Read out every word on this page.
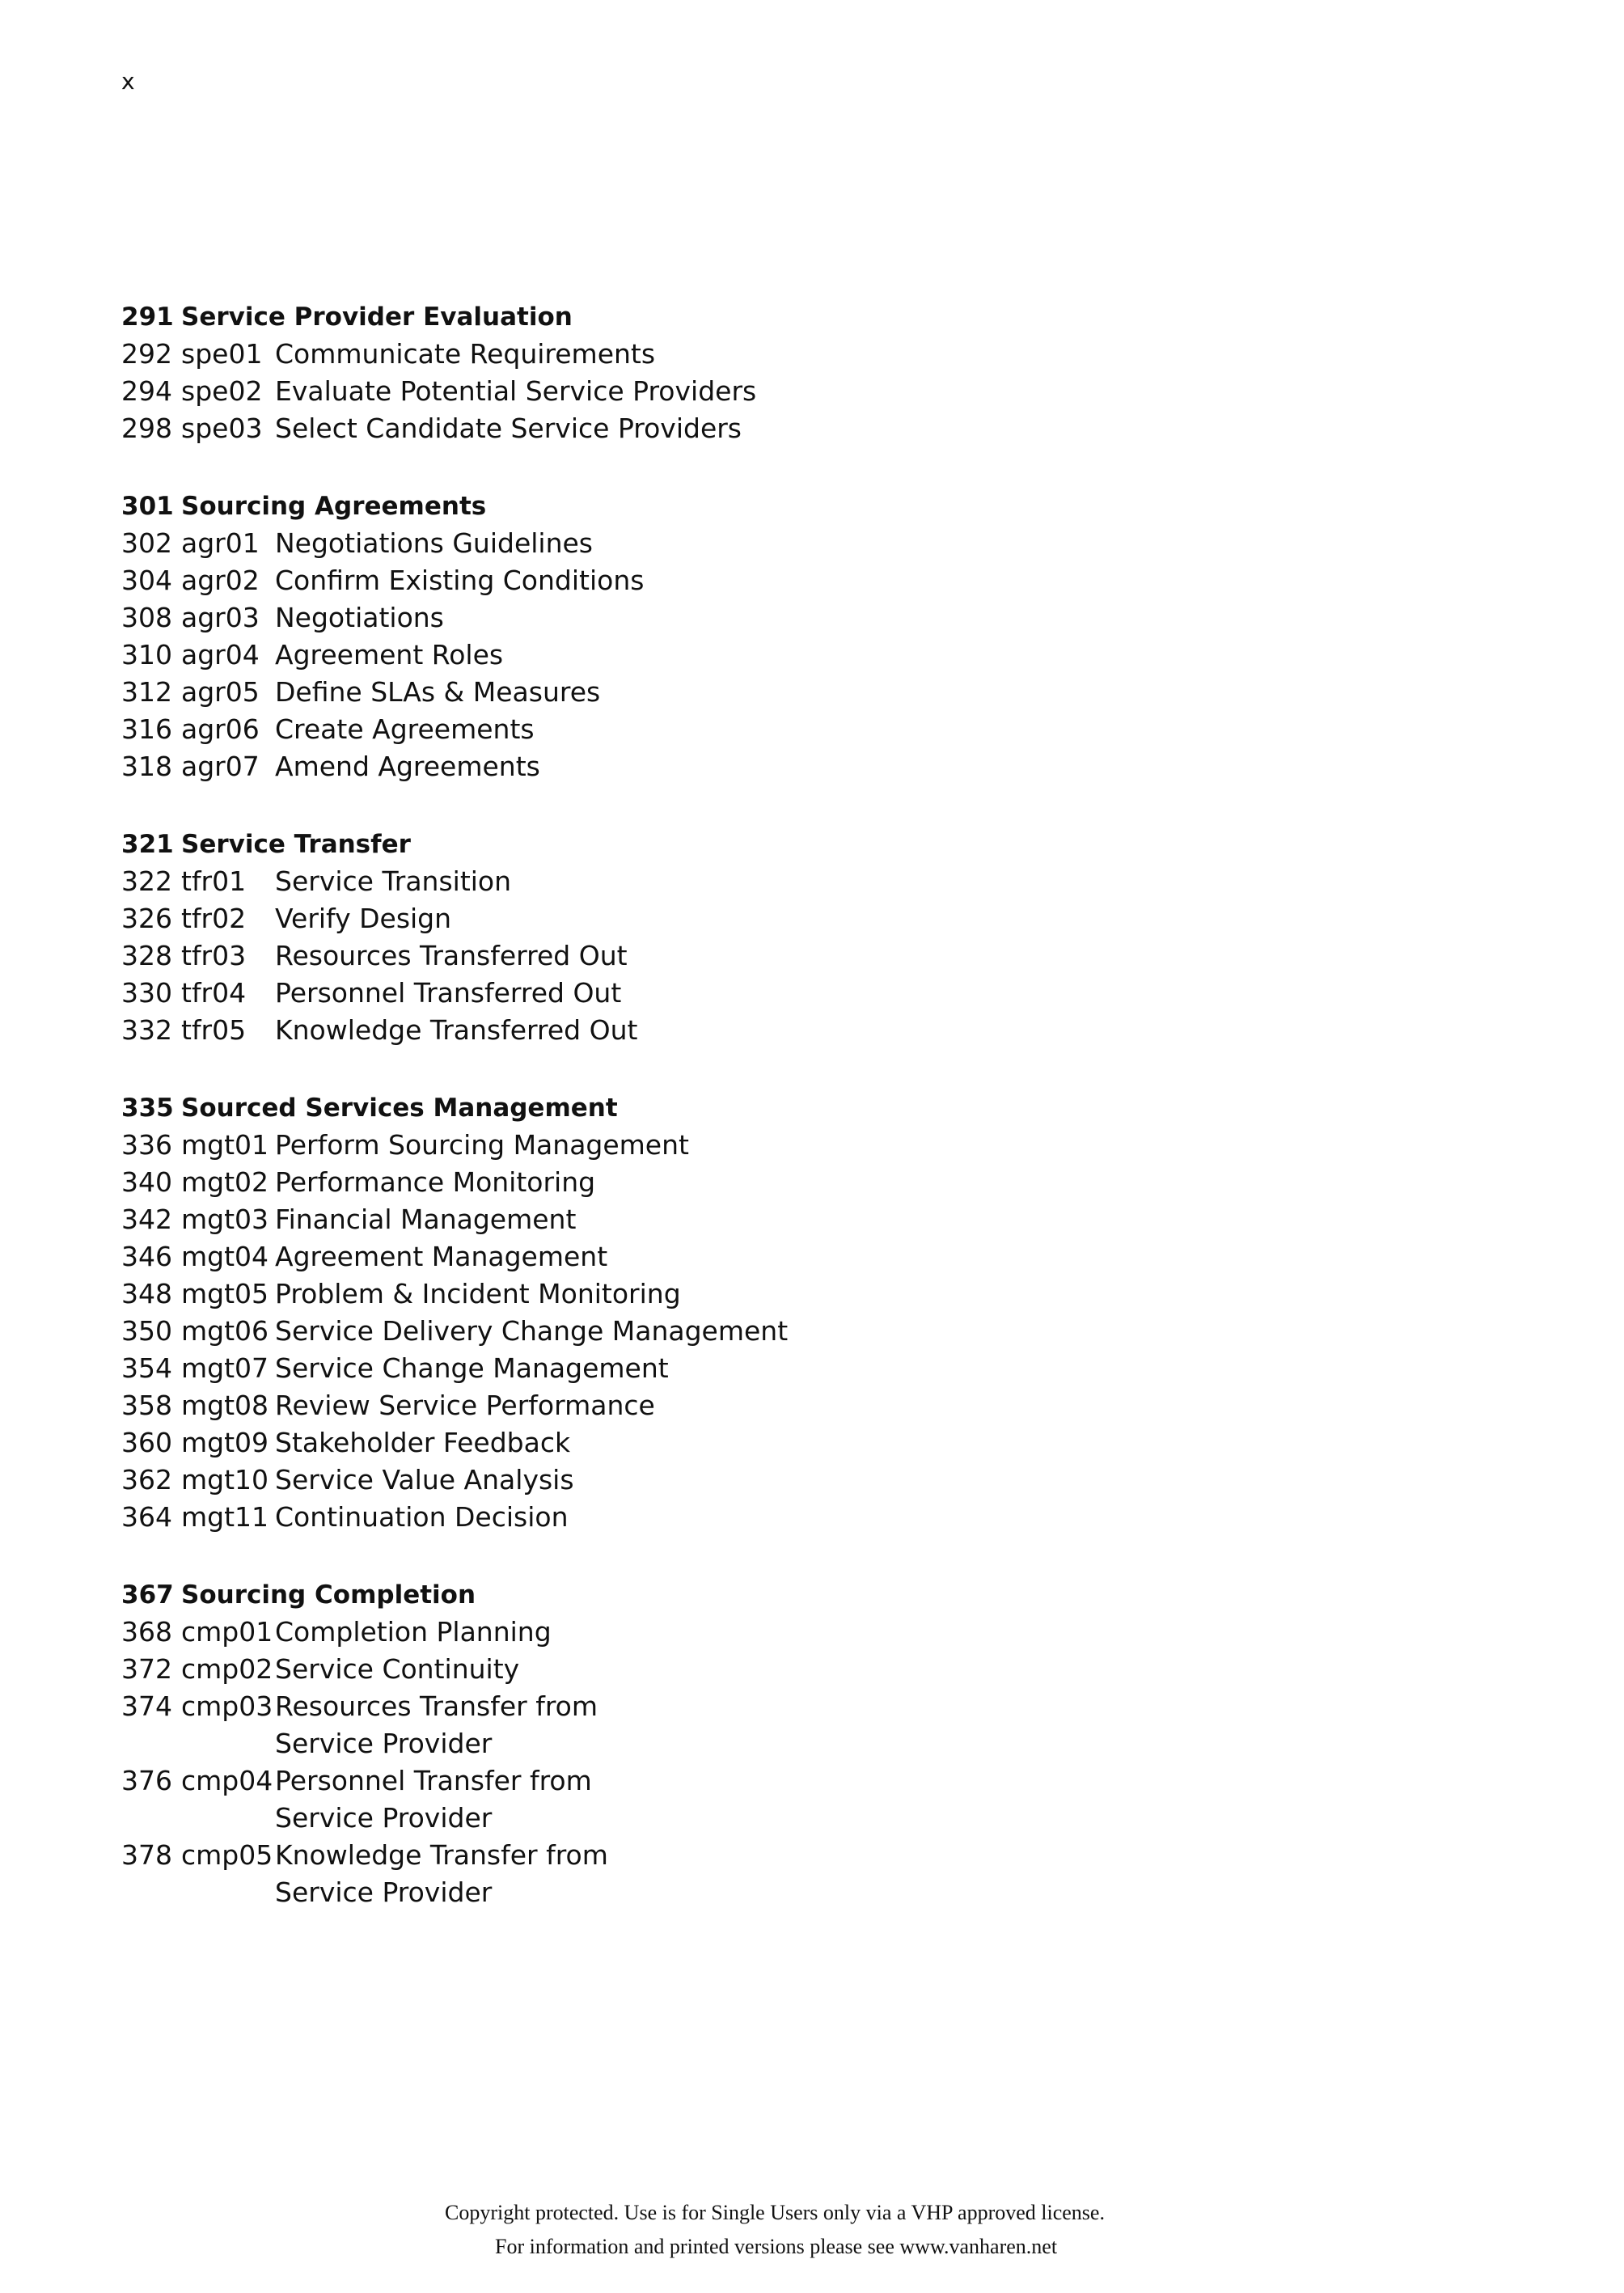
x
291 Service Provider Evaluation
292 spe01 Communicate Requirements
294 spe02 Evaluate Potential Service Providers
298 spe03 Select Candidate Service Providers
301 Sourcing Agreements
302 agr01 Negotiations Guidelines
304 agr02 Confirm Existing Conditions
308 agr03 Negotiations
310 agr04 Agreement Roles
312 agr05 Define SLAs & Measures
316 agr06 Create Agreements
318 agr07 Amend Agreements
321 Service Transfer
322 tfr01	Service Transition
326 tfr02	Verify Design
328 tfr03	Resources Transferred Out
330 tfr04	Personnel Transferred Out
332 tfr05	Knowledge Transferred Out
335 Sourced Services Management
336 mgt01 Perform Sourcing Management
340 mgt02 Performance Monitoring
342 mgt03 Financial Management
346 mgt04 Agreement Management
348 mgt05 Problem & Incident Monitoring
350 mgt06 Service Delivery Change Management
354 mgt07 Service Change Management
358 mgt08 Review Service Performance
360 mgt09 Stakeholder Feedback
362 mgt10 Service Value Analysis
364 mgt11 Continuation Decision
367 Sourcing Completion
368 cmp01 Completion Planning
372 cmp02 Service Continuity
374 cmp03 Resources Transfer from
Service Provider
376 cmp04 Personnel Transfer from
Service Provider
378 cmp05 Knowledge Transfer from
Service Provider
Copyright protected. Use is for Single Users only via a VHP approved license.
For information and printed versions please see www.vanharen.net
